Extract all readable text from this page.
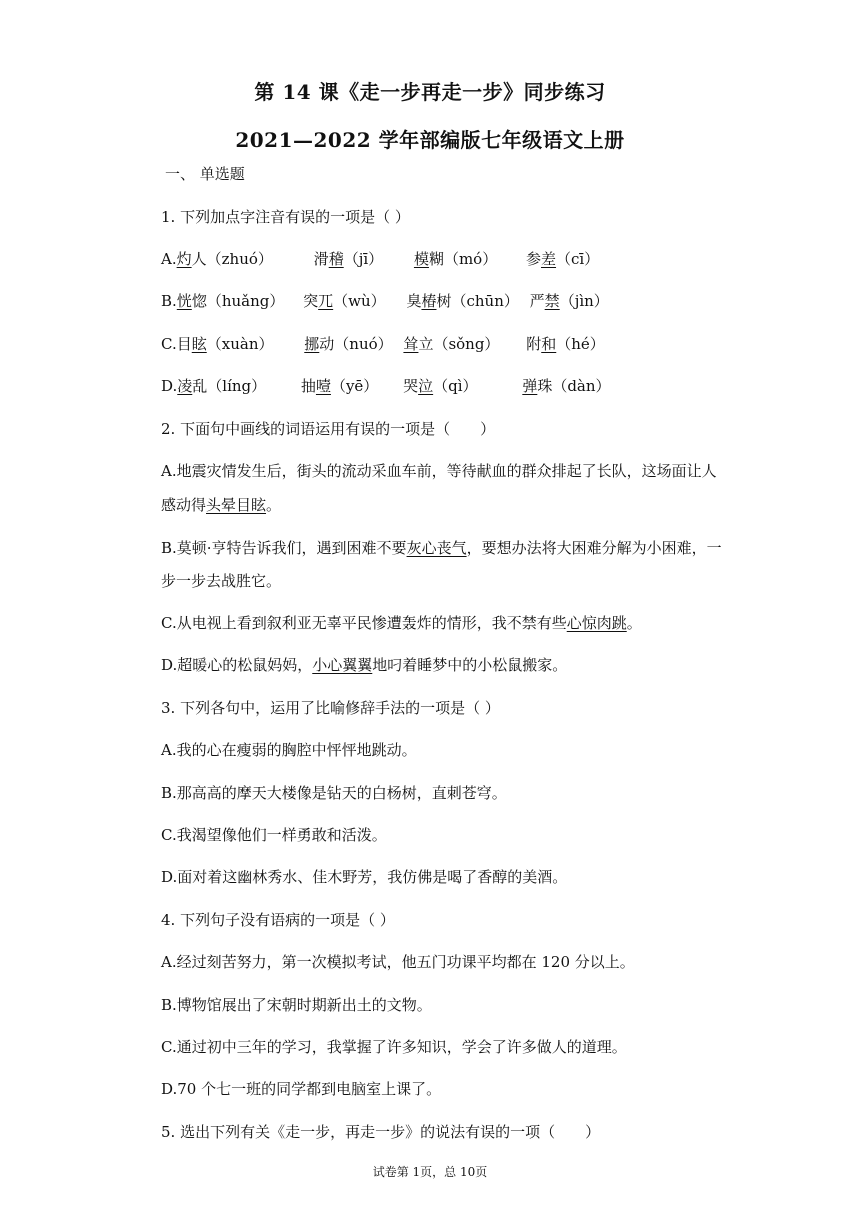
第 14 课《走一步再走一步》同步练习
2021—2022 学年部编版七年级语文上册
一、 单选题
1. 下列加点字注音有误的一项是（ ）
A.灼人（zhuó）	滑稽（jī） 模糊（mó） 参差（cī）
B.恍惚（huǎng） 突兀（wù） 臭椿树（chūn） 严禁（jìn）
C.目眩（xuàn） 挪动（nuó） 耸立（sǒng） 附和（hé）
D.凌乱（líng） 抽噎（yē） 哭泣（qì）	弹珠（dàn）
2. 下面句中画线的词语运用有误的一项是（　　）
A.地震灾情发生后，街头的流动采血车前，等待献血的群众排起了长队，这场面让人
感动得头晕目眩。
B.莫顿·亨特告诉我们，遇到困难不要灰心丧气，要想办法将大困难分解为小困难，一
步一步去战胜它。
C.从电视上看到叙利亚无辜平民惨遭轰炸的情形，我不禁有些心惊肉跳。
D.超暖心的松鼠妈妈，小心翼翼地叼着睡梦中的小松鼠搬家。
3. 下列各句中，运用了比喻修辞手法的一项是（ ）
A.我的心在瘦弱的胸腔中怦怦地跳动。
B.那高高的摩天大楼像是钻天的白杨树，直刺苍穹。
C.我渴望像他们一样勇敢和活泼。
D.面对着这幽林秀水、佳木野芳，我仿佛是喝了香醇的美酒。
4. 下列句子没有语病的一项是（ ）
A.经过刻苦努力，第一次模拟考试，他五门功课平均都在 120 分以上。
B.博物馆展出了宋朝时期新出土的文物。
C.通过初中三年的学习，我掌握了许多知识，学会了许多做人的道理。
D.70 个七一班的同学都到电脑室上课了。
5. 选出下列有关《走一步，再走一步》的说法有误的一项（　　）
试卷第 1页，总 10页
